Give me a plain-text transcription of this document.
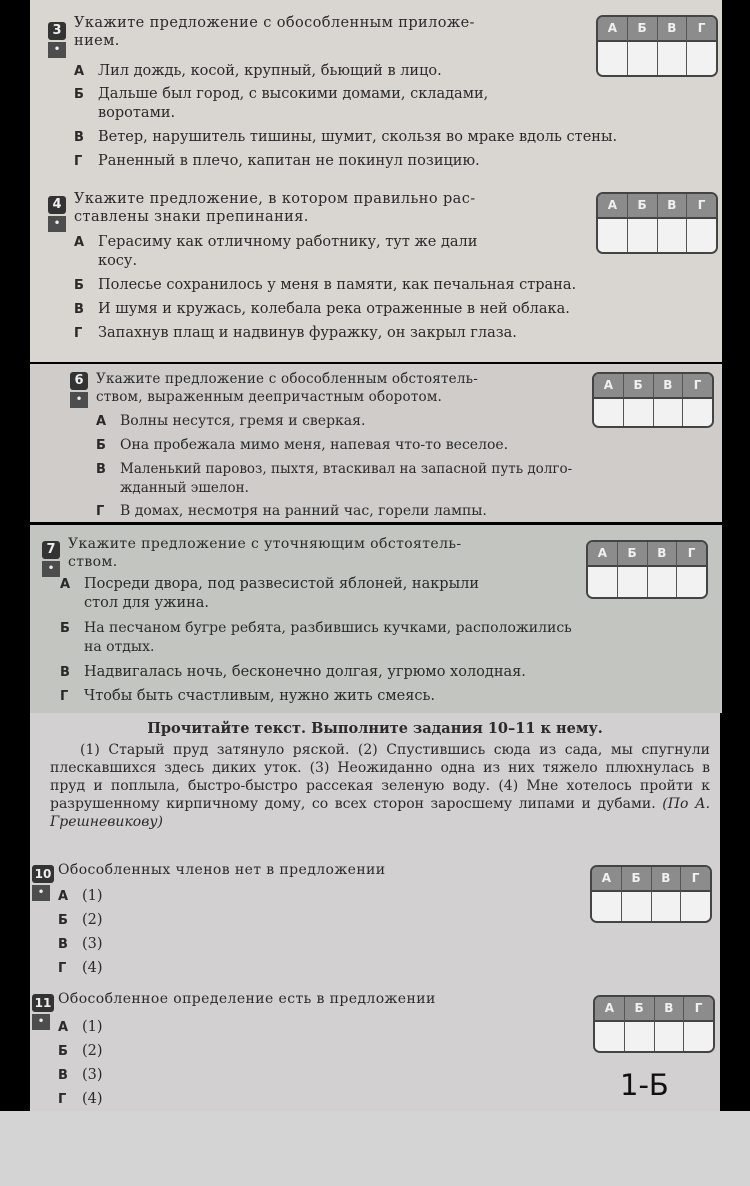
3
•
Укажите предложение с обособленным приложе-
нием.
А Лил дождь, косой, крупный, бьющий в лицо.
Б Дальше был город, с высокими домами, складами,
воротами.
В Ветер, нарушитель тишины, шумит, скользя во мраке вдоль стены.
Г Раненный в плечо, капитан не покинул позицию.
А	Б	В	Г
4
•
Укажите предложение, в котором правильно рас-
ставлены знаки препинания.
А Герасиму как отличному работнику, тут же дали
косу.
Б Полесье сохранилось у меня в памяти, как печальная страна.
В И шумя и кружась, колебала река отраженные в ней облака.
Г Запахнув плащ и надвинув фуражку, он закрыл глаза.
А	Б	В	Г
6
•
Укажите предложение с обособленным обстоятель-
ством, выраженным деепричастным оборотом.
А Волны несутся, гремя и сверкая.
Б Она пробежала мимо меня, напевая что-то веселое.
В Маленький паровоз, пыхтя, втаскивал на запасной путь долго-
жданный эшелон.
Г В домах, несмотря на ранний час, горели лампы.
А	Б	В	Г
7
•
Укажите предложение с уточняющим обстоятель-
ством.
А Посреди двора, под развесистой яблоней, накрыли
стол для ужина.
Б На песчаном бугре ребята, разбившись кучками, расположились
на отдых.
В Надвигалась ночь, бесконечно долгая, угрюмо холодная.
Г Чтобы быть счастливым, нужно жить смеясь.
А	Б	В	Г
Прочитайте текст. Выполните задания 10–11 к нему.
(1) Старый пруд затянуло ряской. (2) Спустившись сюда из сада, мы спугнули плескавшихся здесь диких уток. (3) Неожиданно одна из них тяжело плюхнулась в пруд и поплыла, быстро-быстро рассекая зеленую воду. (4) Мне хотелось пройти к разрушенному кирпичному дому, со всех сторон заросшему липами и дубами. (По А. Грешневикову)
10
•
Обособленных членов нет в предложении
А (1)
Б (2)
В (3)
Г (4)
А	Б	В	Г
11
•
Обособленное определение есть в предложении
А (1)
Б (2)
В (3)
Г (4)
А	Б	В	Г
1-Б
